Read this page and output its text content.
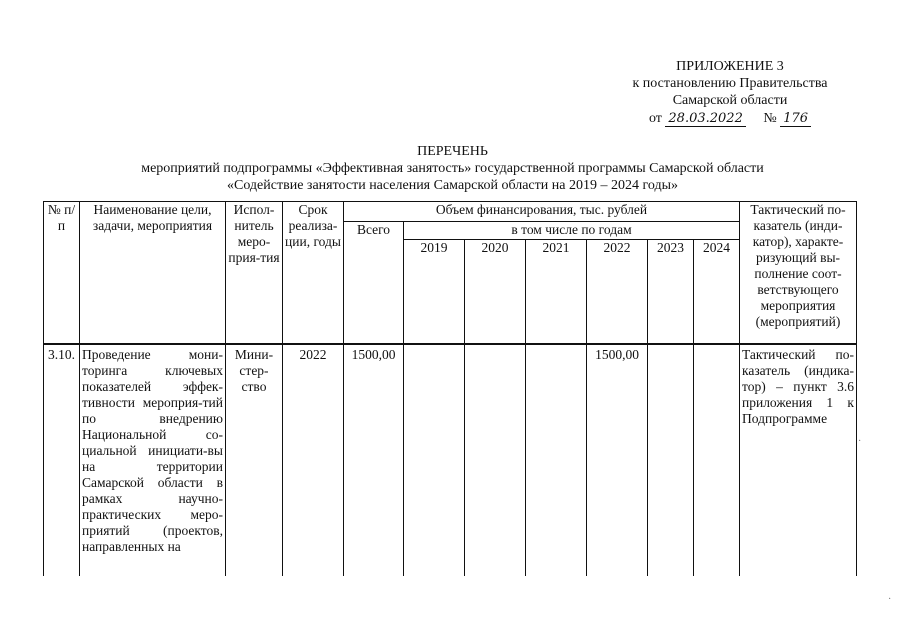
ПРИЛОЖЕНИЕ 3
к постановлению Правительства
Самарской области
от 28.03.2022 № 176
ПЕРЕЧЕНЬ
мероприятий подпрограммы «Эффективная занятость» государственной программы Самарской области
«Содействие занятости населения Самарской области на 2019 – 2024 годы»
№ п/п	Наименование цели, задачи, мероприятия	Испол-нитель меро-прия-тия	Срок реализа-ции, годы	Объем финансирования, тыс. рублей							Тактический по-казатель (инди-катор), характе-ризующий вы-полнение соот-ветствующего мероприятия (мероприятий)
				Всего	в том числе по годам						
					2019	2020	2021	2022	2023	2024	
3.10.	Проведение мони-торинга ключевых показателей эффек-тивности мероприя-тий по внедрению Национальной со-циальной инициати-вы на территории Самарской области в рамках научно-практических меро-приятий (проектов, направленных на	Мини-стер-ство	2022	1500,00				1500,00			Тактический по-казатель (индика-тор) – пункт 3.6 приложения 1 к Подпрограмме
·
·
